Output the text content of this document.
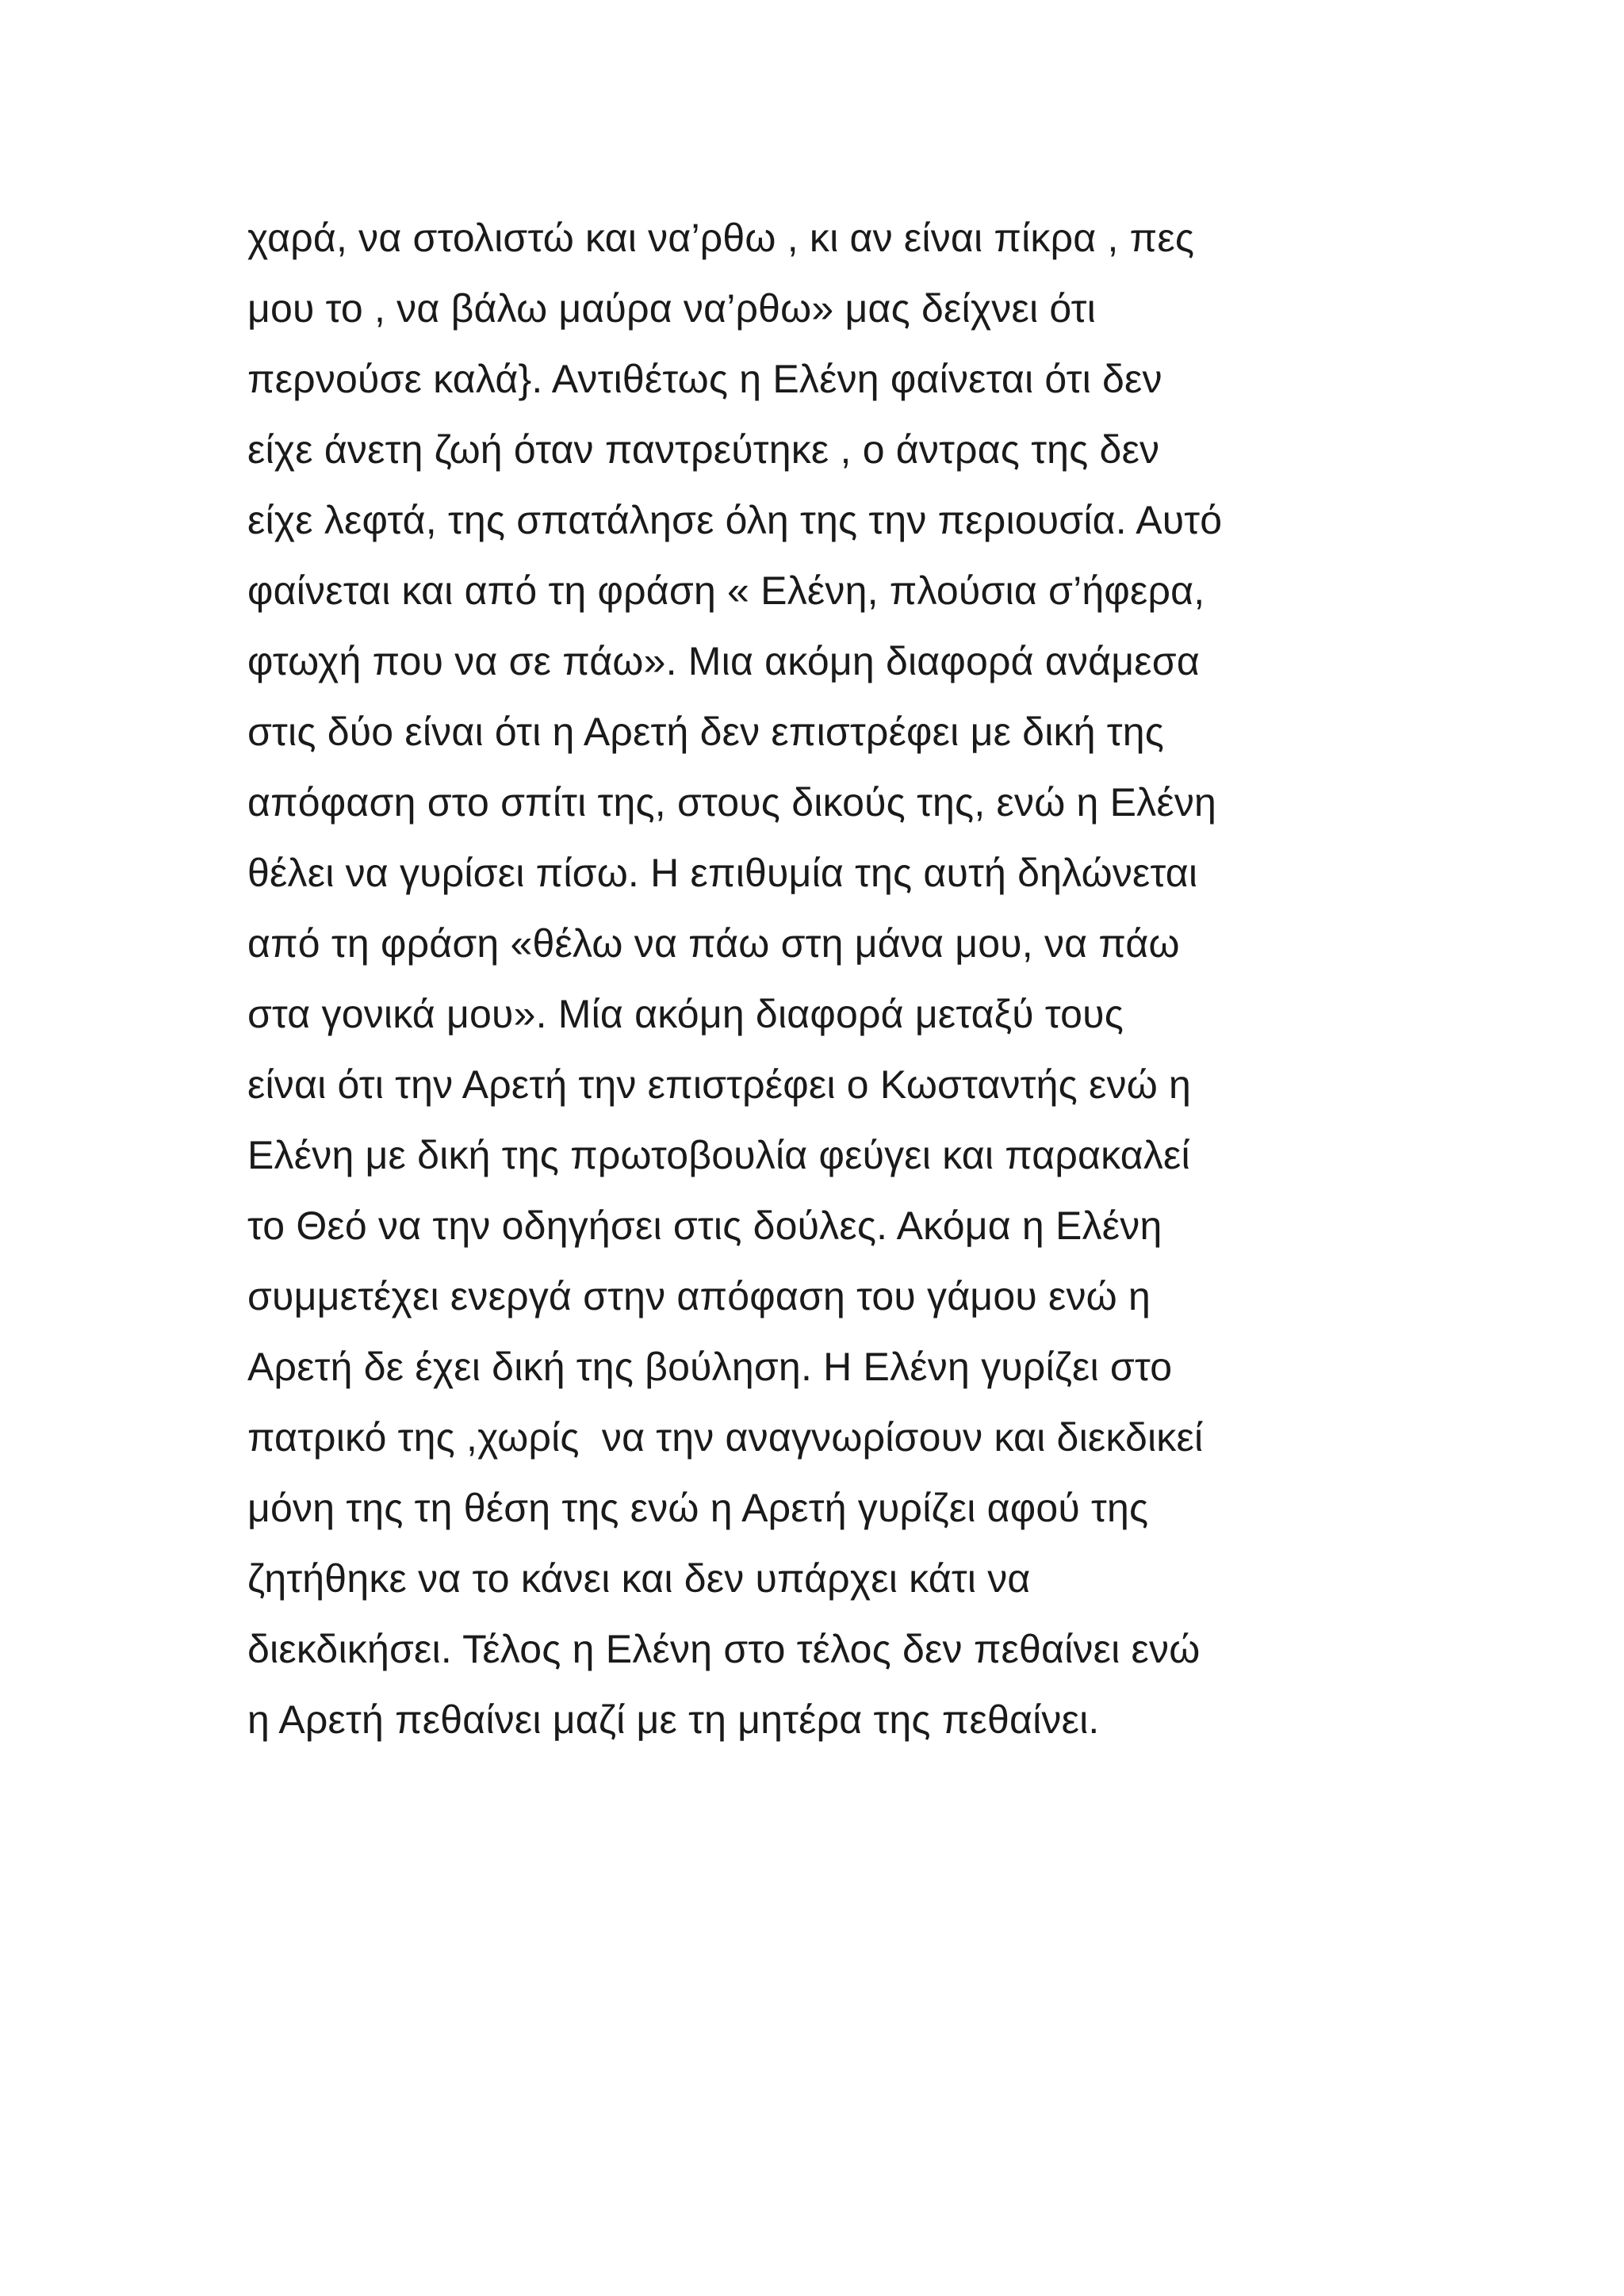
χαρά, να στολιστώ και να’ρθω , κι αν είναι πίκρα , πες
μου το , να βάλω μαύρα να’ρθω» μας δείχνει ότι
περνούσε καλά}. Αντιθέτως η Ελένη φαίνεται ότι δεν
είχε άνετη ζωή όταν παντρεύτηκε , ο άντρας της δεν
είχε λεφτά, της σπατάλησε όλη της την περιουσία. Αυτό
φαίνεται και από τη φράση « Ελένη, πλούσια σ’ήφερα,
φτωχή που να σε πάω». Μια ακόμη διαφορά ανάμεσα
στις δύο είναι ότι η Αρετή δεν επιστρέφει με δική της
απόφαση στο σπίτι της, στους δικούς της, ενώ η Ελένη
θέλει να γυρίσει πίσω. Η επιθυμία της αυτή δηλώνεται
από τη φράση «θέλω να πάω στη μάνα μου, να πάω
στα γονικά μου». Μία ακόμη διαφορά μεταξύ τους
είναι ότι την Αρετή την επιστρέφει ο Κωσταντής ενώ η
Ελένη με δική της πρωτοβουλία φεύγει και παρακαλεί
το Θεό να την οδηγήσει στις δούλες. Ακόμα η Ελένη
συμμετέχει ενεργά στην απόφαση του γάμου ενώ η
Αρετή δε έχει δική της βούληση. Η Ελένη γυρίζει στο
πατρικό της ,χωρίς  να την αναγνωρίσουν και διεκδικεί
μόνη της τη θέση της ενώ η Αρετή γυρίζει αφού της
ζητήθηκε να το κάνει και δεν υπάρχει κάτι να
διεκδικήσει. Τέλος η Ελένη στο τέλος δεν πεθαίνει ενώ
η Αρετή πεθαίνει μαζί με τη μητέρα της πεθαίνει.
